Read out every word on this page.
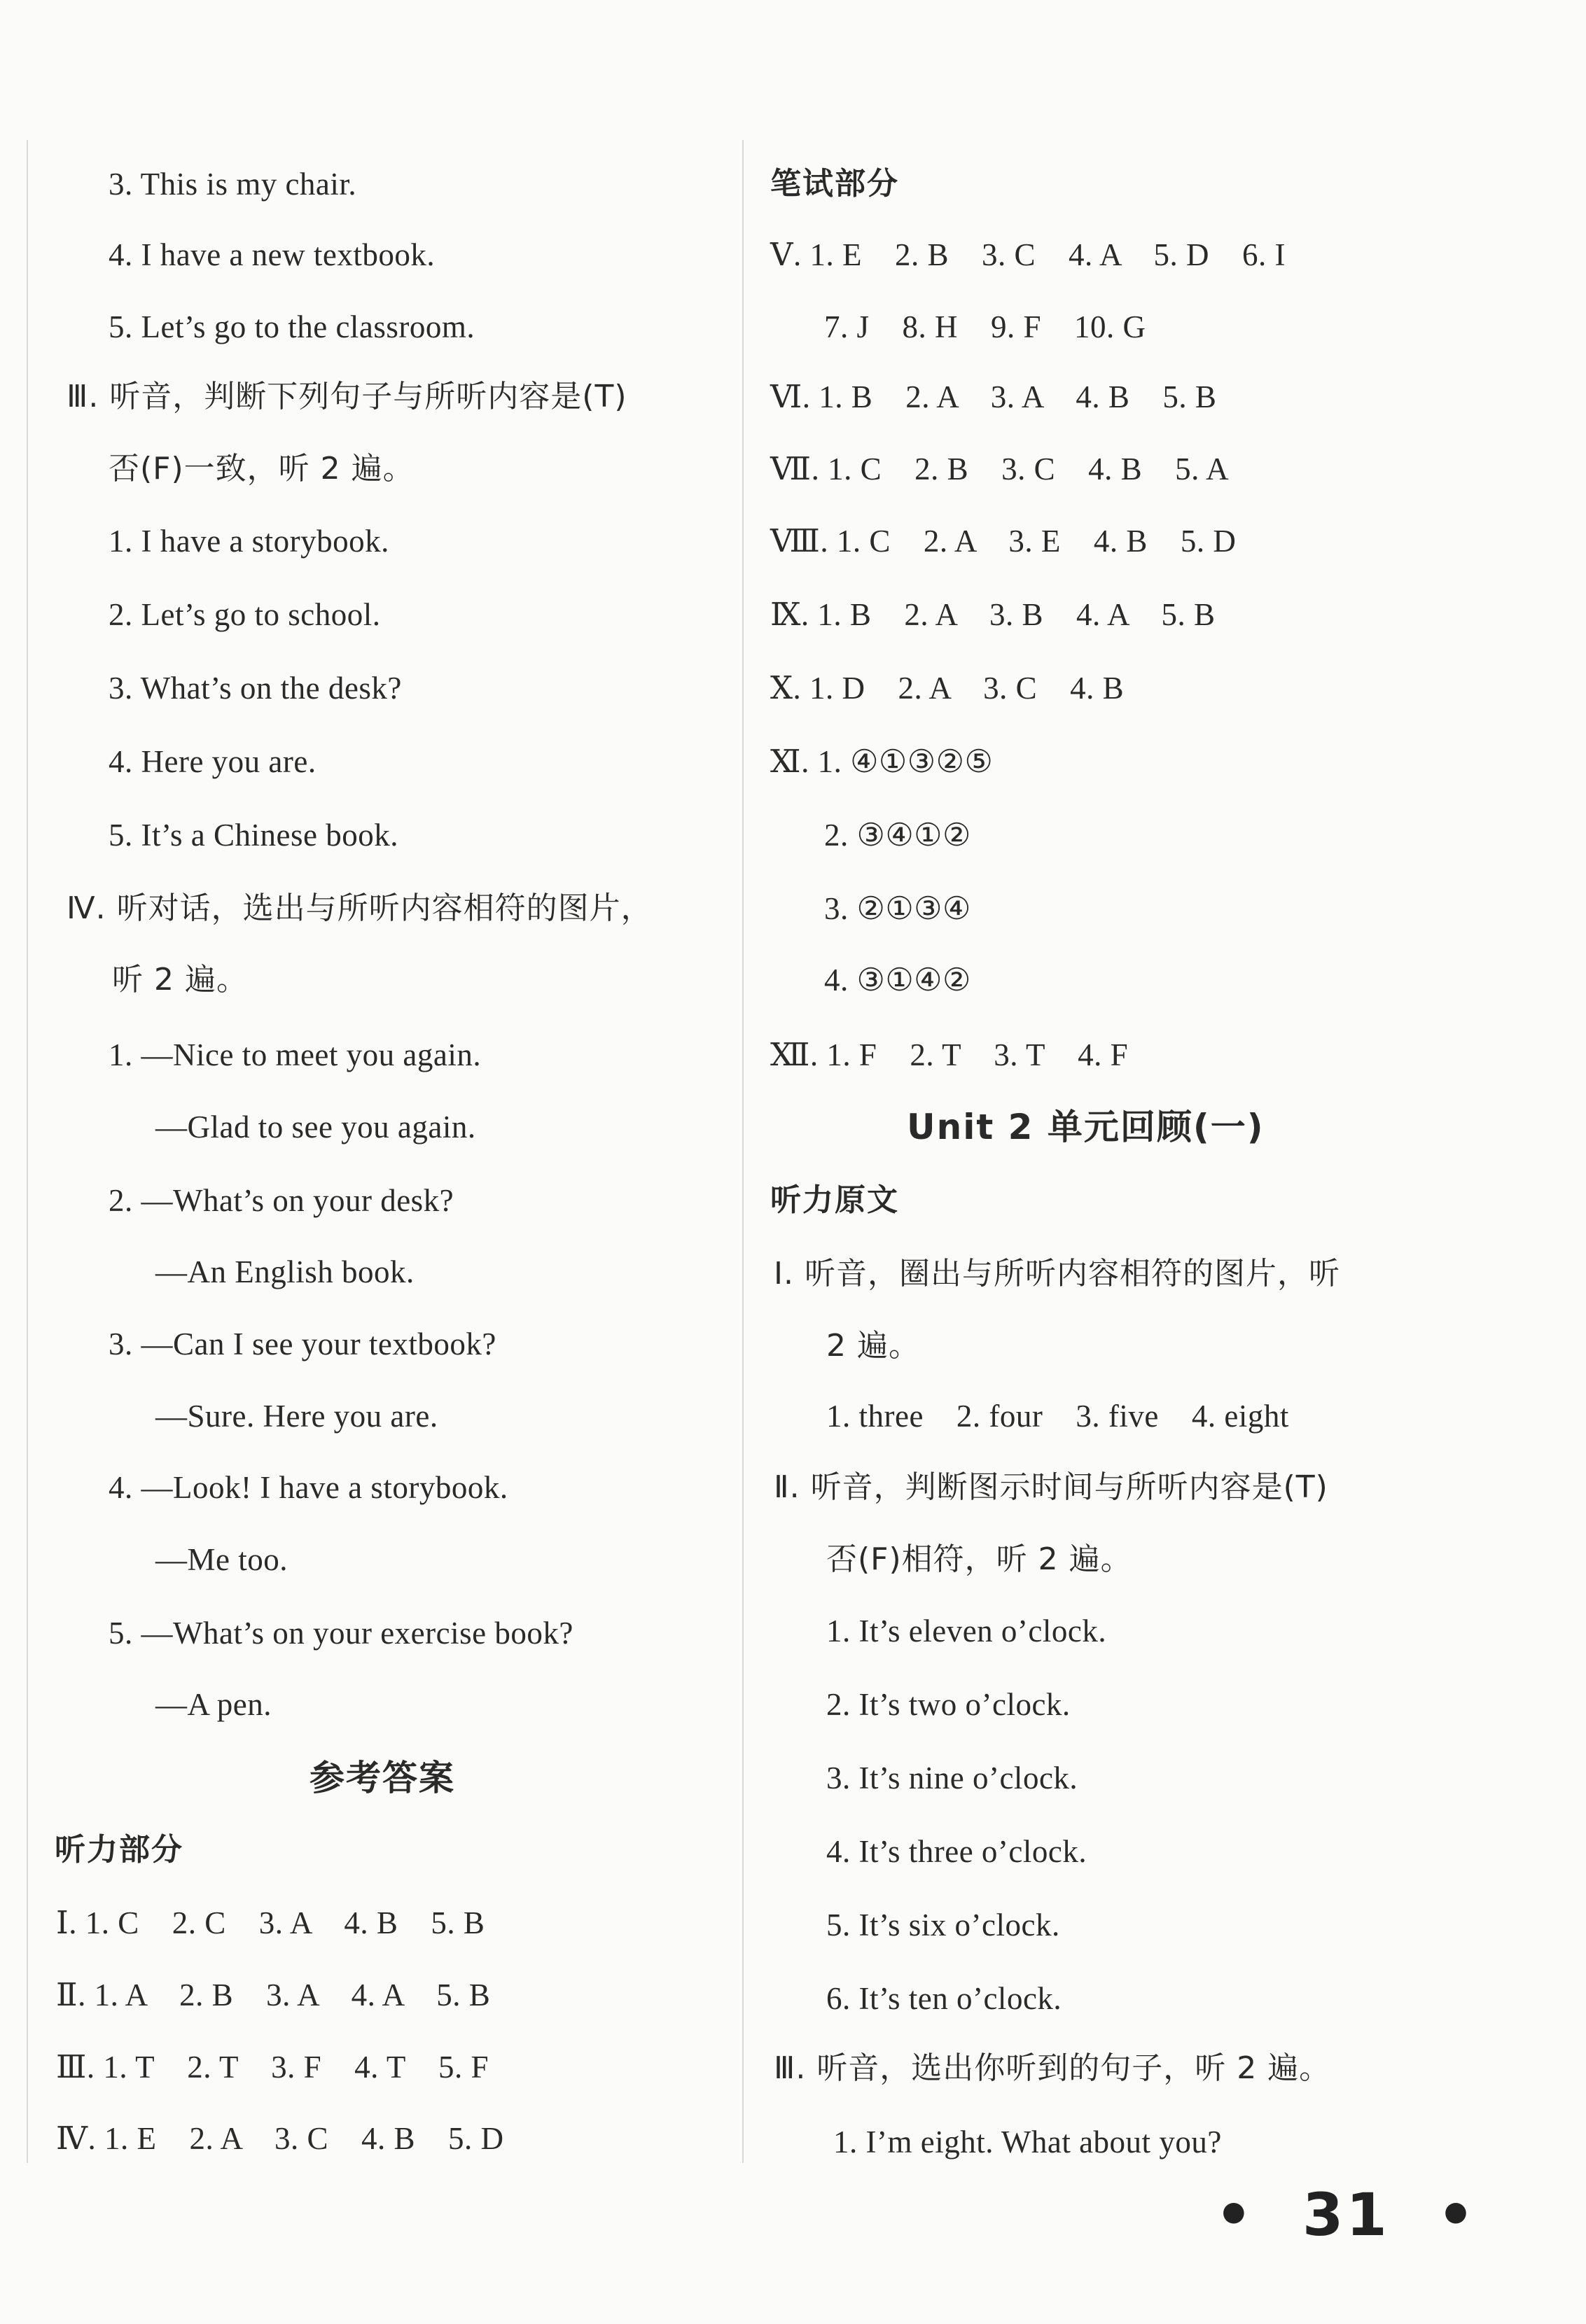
3. This is my chair.
4. I have a new textbook.
5. Let’s go to the classroom.
Ⅲ. 听音，判断下列句子与所听内容是(T)
否(F)一致，听 2 遍。
1. I have a storybook.
2. Let’s go to school.
3. What’s on the desk?
4. Here you are.
5. It’s a Chinese book.
Ⅳ. 听对话，选出与所听内容相符的图片，
听 2 遍。
1. —Nice to meet you again.
—Glad to see you again.
2. —What’s on your desk?
—An English book.
3. —Can I see your textbook?
—Sure. Here you are.
4. —Look! I have a storybook.
—Me too.
5. —What’s on your exercise book?
—A pen.
参考答案
听力部分
Ⅰ. 1. C    2. C    3. A    4. B    5. B
Ⅱ. 1. A    2. B    3. A    4. A    5. B
Ⅲ. 1. T    2. T    3. F    4. T    5. F
Ⅳ. 1. E    2. A    3. C    4. B    5. D
笔试部分
Ⅴ. 1. E    2. B    3. C    4. A    5. D    6. I
7. J    8. H    9. F    10. G
Ⅵ. 1. B    2. A    3. A    4. B    5. B
Ⅶ. 1. C    2. B    3. C    4. B    5. A
Ⅷ. 1. C    2. A    3. E    4. B    5. D
Ⅸ. 1. B    2. A    3. B    4. A    5. B
Ⅹ. 1. D    2. A    3. C    4. B
Ⅺ. 1. ④①③②⑤
2. ③④①②
3. ②①③④
4. ③①④②
Ⅻ. 1. F    2. T    3. T    4. F
Unit 2 单元回顾(一)
听力原文
Ⅰ. 听音，圈出与所听内容相符的图片，听
2 遍。
1. three    2. four    3. five    4. eight
Ⅱ. 听音，判断图示时间与所听内容是(T)
否(F)相符，听 2 遍。
1. It’s eleven o’clock.
2. It’s two o’clock.
3. It’s nine o’clock.
4. It’s three o’clock.
5. It’s six o’clock.
6. It’s ten o’clock.
Ⅲ. 听音，选出你听到的句子，听 2 遍。
1. I’m eight. What about you?
• 31 •
